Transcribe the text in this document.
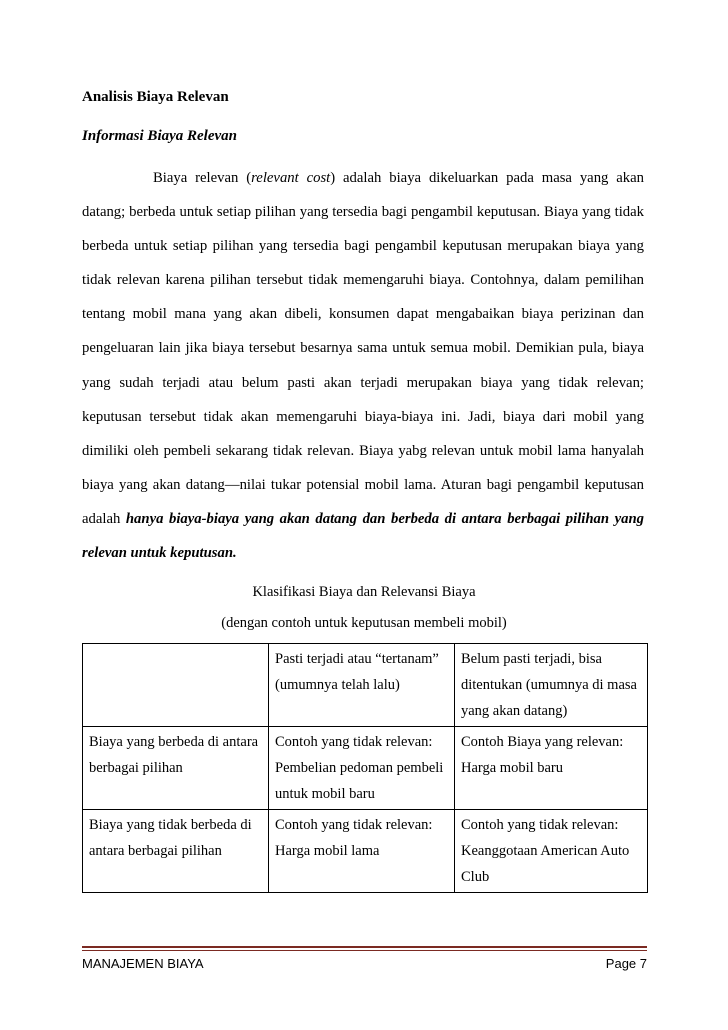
Analisis Biaya Relevan
Informasi Biaya Relevan

Biaya relevan (relevant cost) adalah biaya dikeluarkan pada masa yang akan datang; berbeda untuk setiap pilihan yang tersedia bagi pengambil keputusan. Biaya yang tidak berbeda untuk setiap pilihan yang tersedia bagi pengambil keputusan merupakan biaya yang tidak relevan karena pilihan tersebut tidak memengaruhi biaya. Contohnya, dalam pemilihan tentang mobil mana yang akan dibeli, konsumen dapat mengabaikan biaya perizinan dan pengeluaran lain jika biaya tersebut besarnya sama untuk semua mobil. Demikian pula, biaya yang sudah terjadi atau belum pasti akan terjadi merupakan biaya yang tidak relevan; keputusan tersebut tidak akan memengaruhi biaya-biaya ini. Jadi, biaya dari mobil yang dimiliki oleh pembeli sekarang tidak relevan. Biaya yabg relevan untuk mobil lama hanyalah biaya yang akan datang—nilai tukar potensial mobil lama. Aturan bagi pengambil keputusan adalah hanya biaya-biaya yang akan datang dan berbeda di antara berbagai pilihan yang relevan untuk keputusan.

Klasifikasi Biaya dan Relevansi Biaya
(dengan contoh untuk keputusan membeli mobil)
	Pasti terjadi atau “tertanam” (umumnya telah lalu)	Belum pasti terjadi, bisa ditentukan (umumnya di masa yang akan datang)
Biaya yang berbeda di antara berbagai pilihan	Contoh yang tidak relevan: Pembelian pedoman pembeli untuk mobil baru	Contoh Biaya yang relevan: Harga mobil baru
Biaya yang tidak berbeda di antara berbagai pilihan	Contoh yang tidak relevan: Harga mobil lama	Contoh yang tidak relevan: Keanggotaan American Auto Club
MANAJEMEN BIAYA	Page 7
